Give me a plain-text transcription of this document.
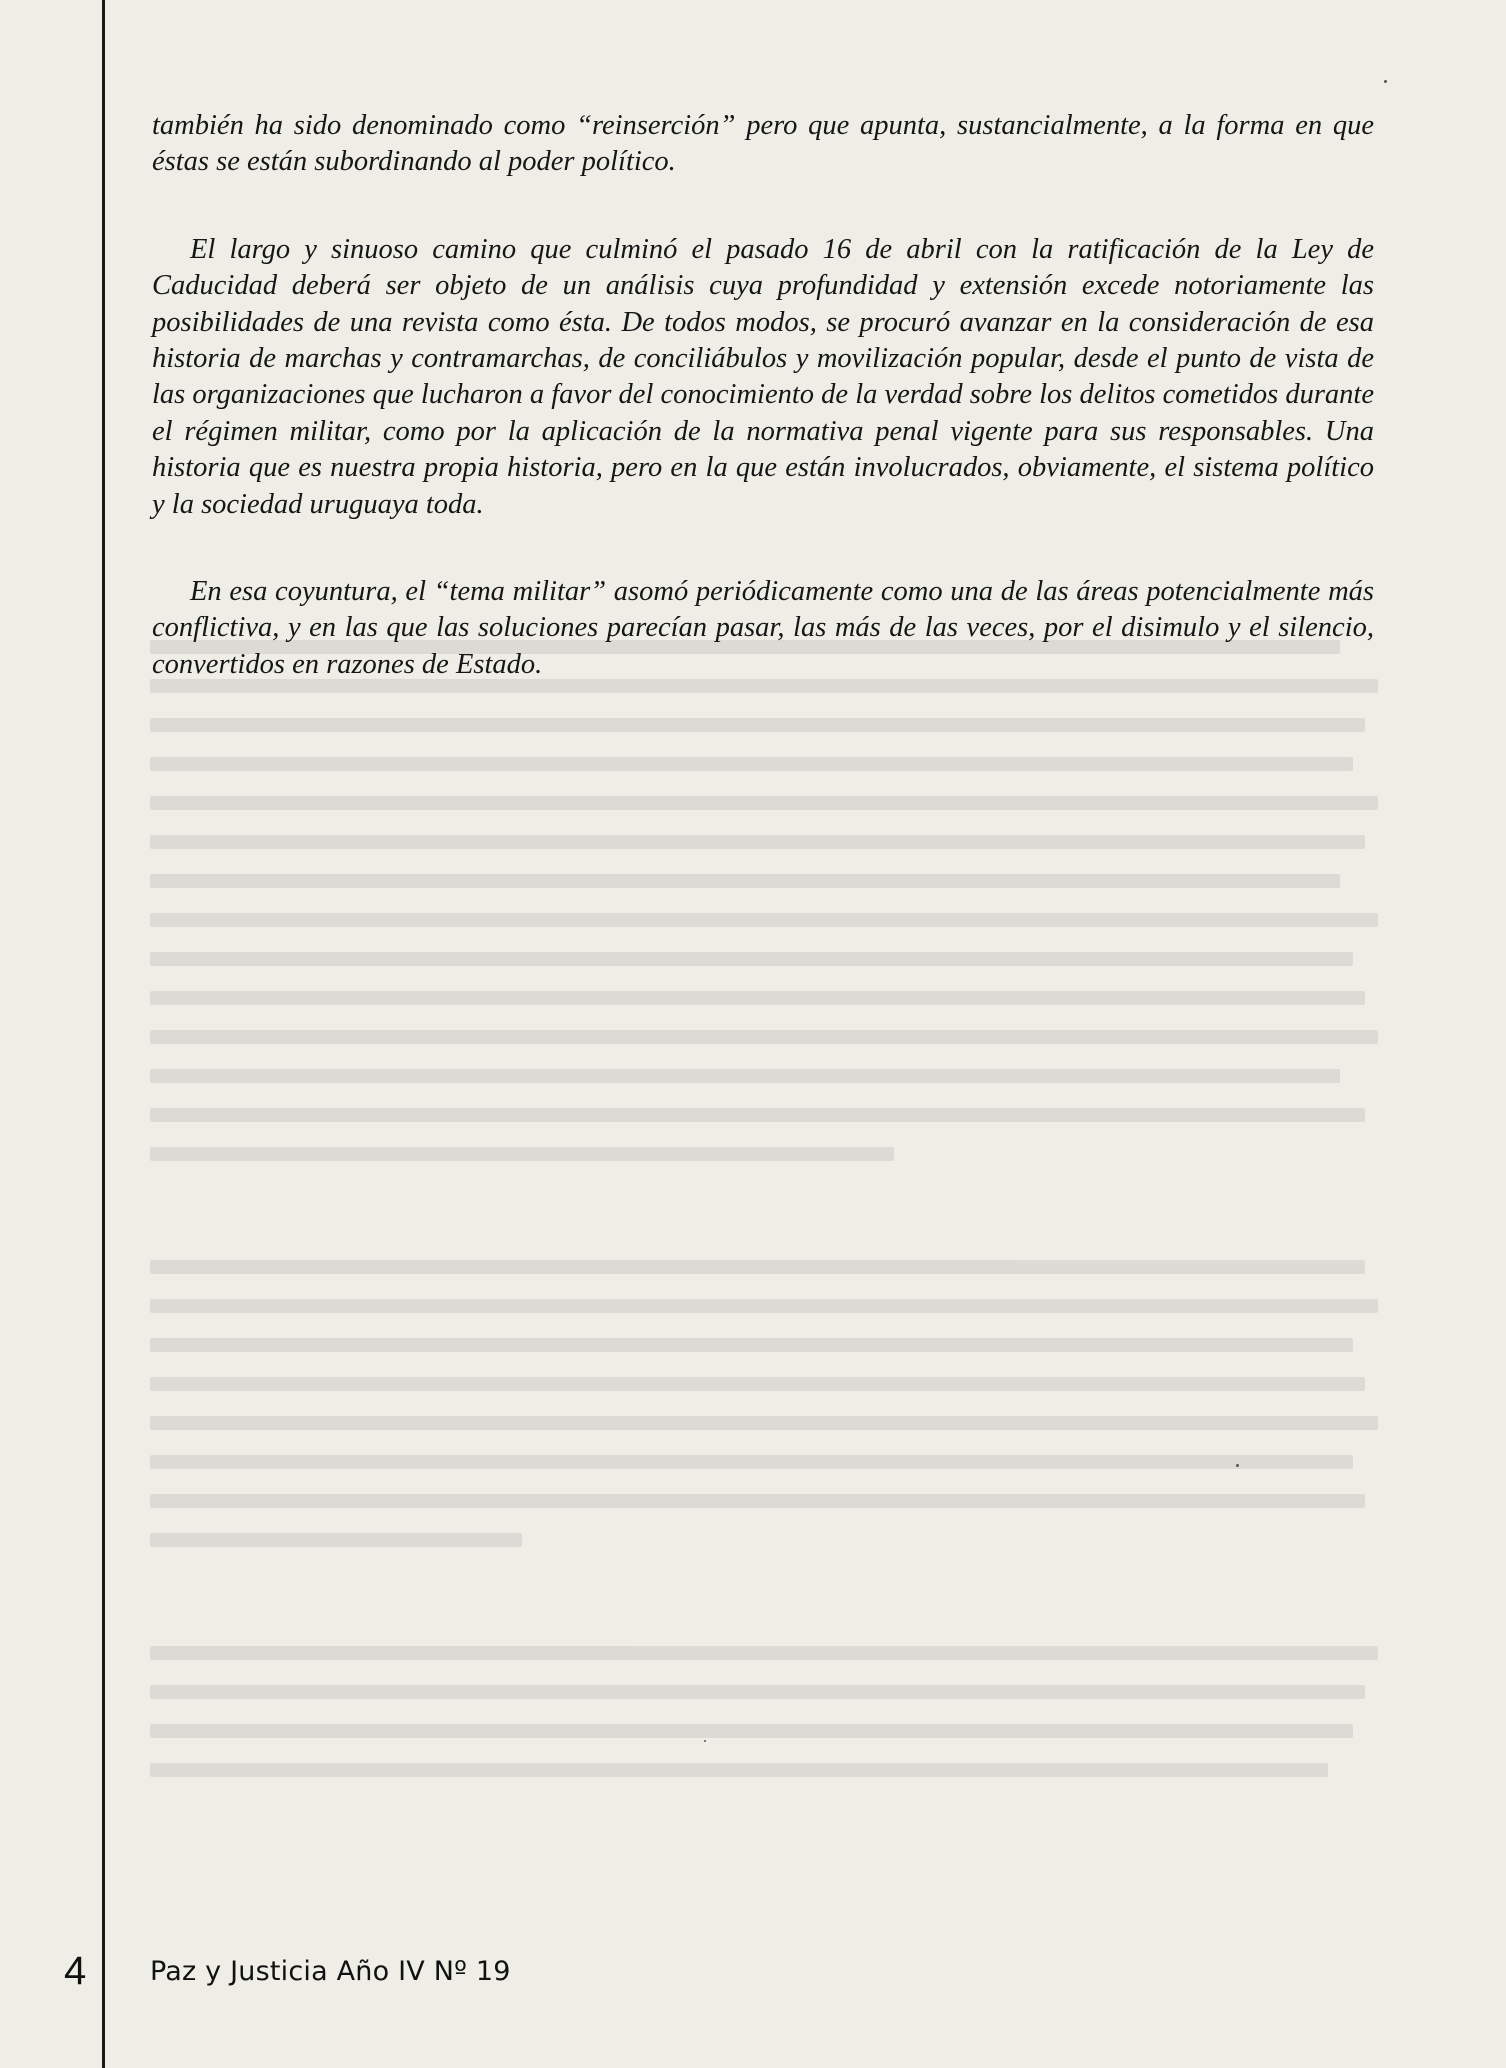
también ha sido denominado como “reinserción” pero que apunta, sustancialmente, a la forma en que éstas se están subordinando al poder político.

El largo y sinuoso camino que culminó el pasado 16 de abril con la ratificación de la Ley de Caducidad deberá ser objeto de un análisis cuya profundidad y extensión excede notoriamente las posibilidades de una revista como ésta. De todos modos, se procuró avanzar en la consideración de esa historia de marchas y contramarchas, de conciliábulos y movilización popular, desde el punto de vista de las organizaciones que lucharon a favor del conocimiento de la verdad sobre los delitos cometidos durante el régimen militar, como por la aplicación de la normativa penal vigente para sus responsables. Una historia que es nuestra propia historia, pero en la que están involucrados, obviamente, el sistema político y la sociedad uruguaya toda.

En esa coyuntura, el “tema militar” asomó periódicamente como una de las áreas potencialmente más conflictiva, y en las que las soluciones parecían pasar, las más de las veces, por el disimulo y el silencio, convertidos en razones de Estado.

4 Paz y Justicia Año IV Nº 19
